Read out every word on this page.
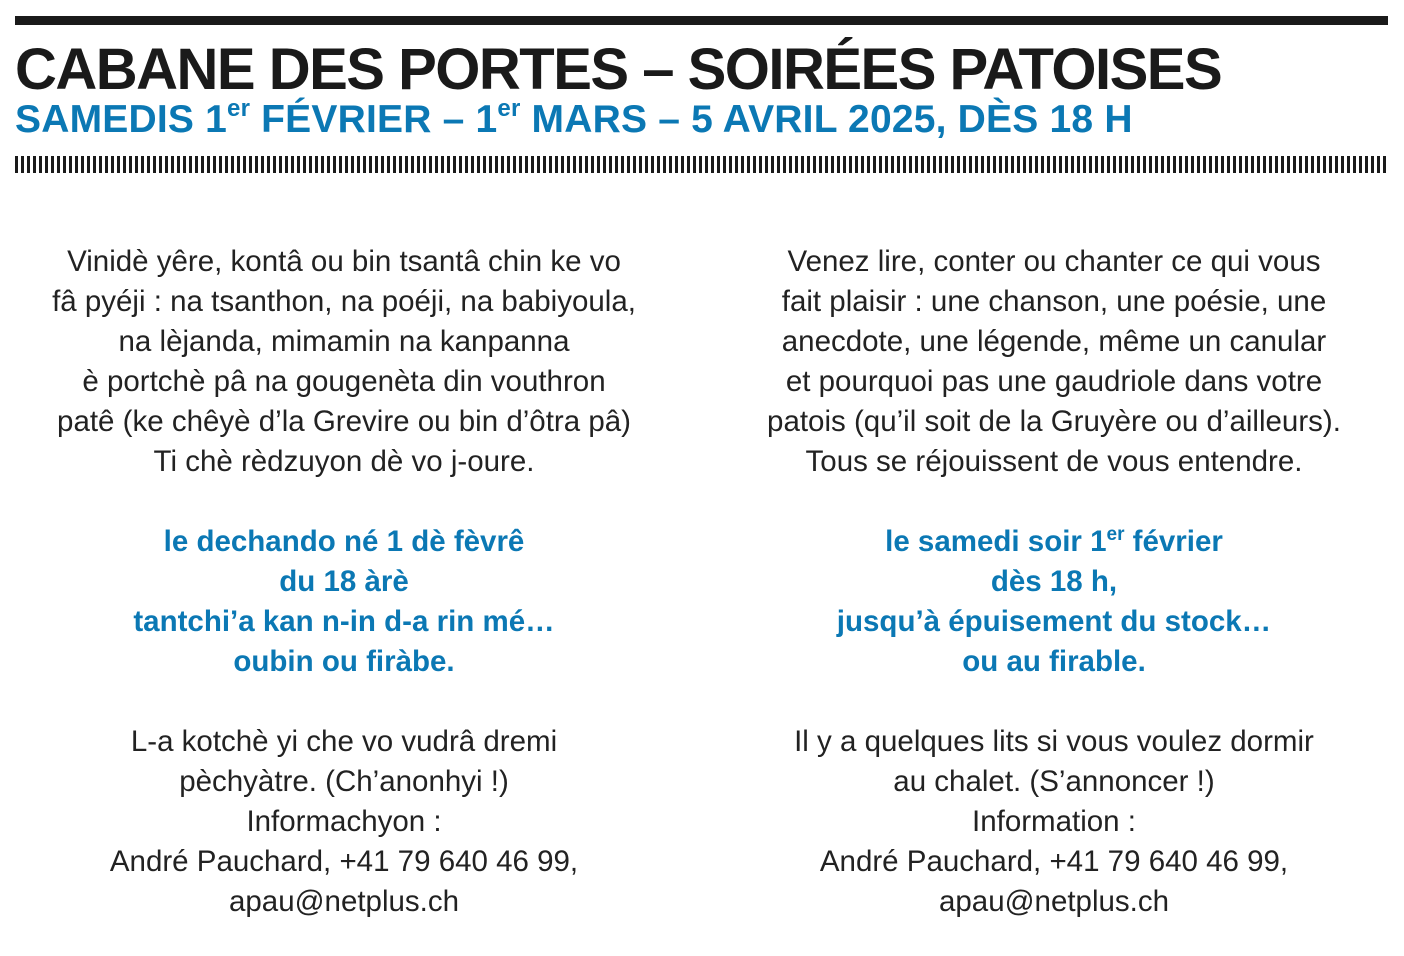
CABANE DES PORTES – SOIRÉES PATOISES
SAMEDIS 1er FÉVRIER – 1er MARS – 5 AVRIL 2025, DÈS 18 H

Vinidè yêre, kontâ ou bin tsantâ chin ke vo
fâ pyéji : na tsanthon, na poéji, na babiyoula,
na lèjanda, mimamin na kanpanna
è portchè pâ na gougenèta din vouthron
patê (ke chêyè d’la Grevire ou bin d’ôtra pâ)
Ti chè rèdzuyon dè vo j-oure.

le dechando né 1 dè fèvrê
du 18 àrè
tantchi’a kan n-in d-a rin mé…
oubin ou firàbe.

L-a kotchè yi che vo vudrâ dremi
pèchyàtre. (Ch’anonhyi !)
Informachyon :
André Pauchard, +41 79 640 46 99,
apau@netplus.ch

Venez lire, conter ou chanter ce qui vous
fait plaisir : une chanson, une poésie, une
anecdote, une légende, même un canular
et pourquoi pas une gaudriole dans votre
patois (qu’il soit de la Gruyère ou d’ailleurs).
Tous se réjouissent de vous entendre.

le samedi soir 1er février
dès 18 h,
jusqu’à épuisement du stock…
ou au firable.

Il y a quelques lits si vous voulez dormir
au chalet. (S’annoncer !)
Information :
André Pauchard, +41 79 640 46 99,
apau@netplus.ch
